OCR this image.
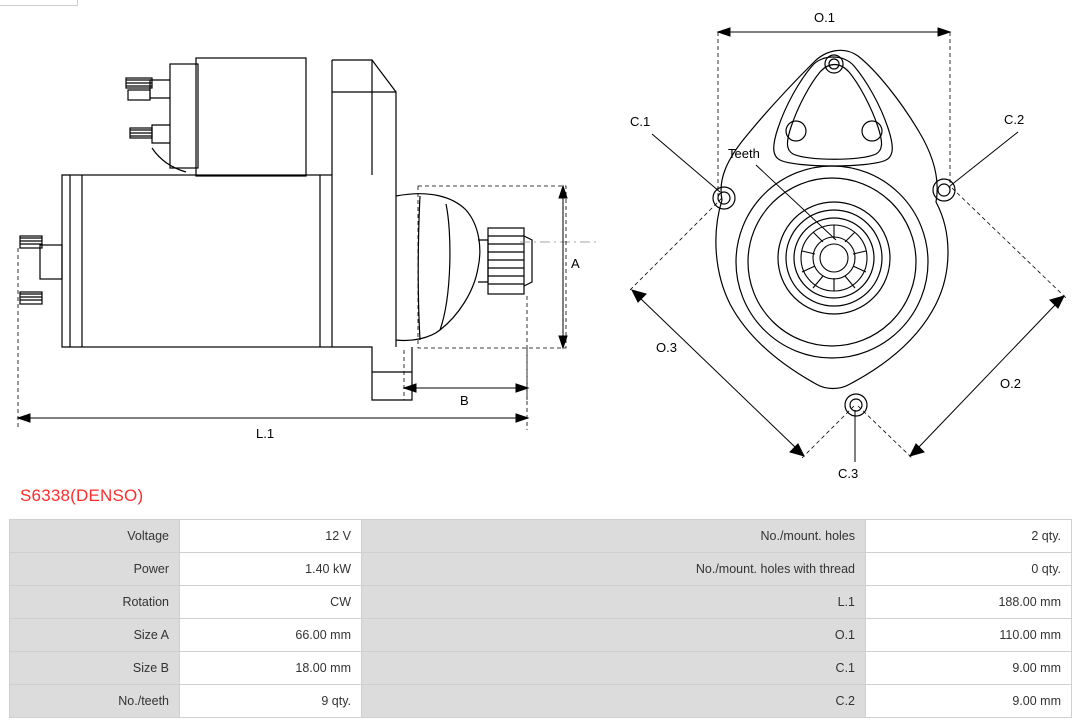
A
B
L.1
O.1
O.2
O.3
C.1	C.2
C.3
Teeth
S6338(DENSO)
Voltage	12 V	No./mount. holes	2 qty.
Power	1.40 kW	No./mount. holes with thread	0 qty.
Rotation	CW	L.1	188.00 mm
Size A	66.00 mm	O.1	110.00 mm
Size B	18.00 mm	C.1	9.00 mm
No./teeth	9 qty.	C.2	9.00 mm
